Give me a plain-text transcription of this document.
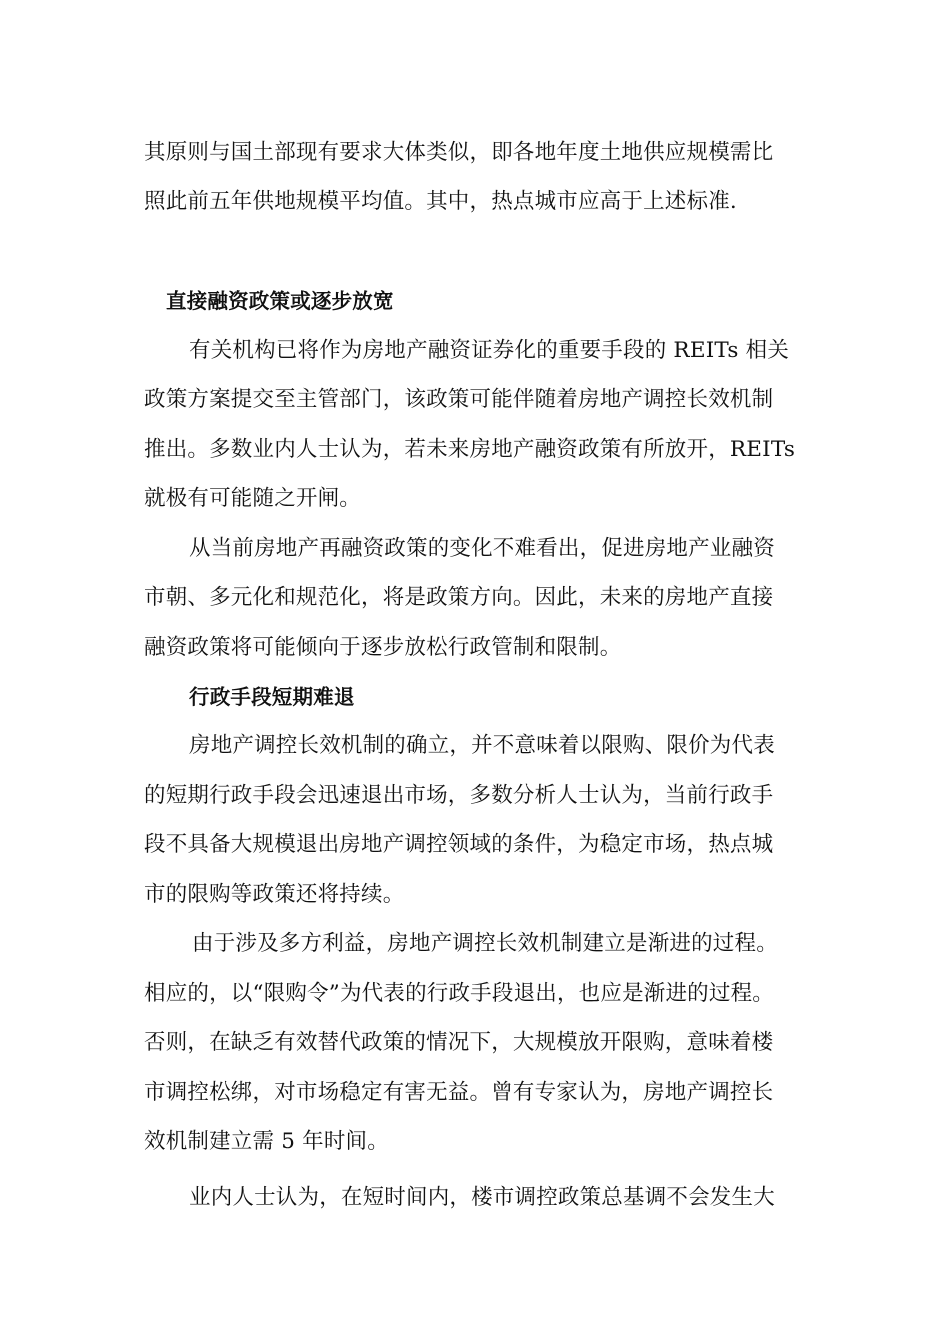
其原则与国土部现有要求大体类似，即各地年度土地供应规模需比
照此前五年供地规模平均值。其中，热点城市应高于上述标准.
直接融资政策或逐步放宽
有关机构已将作为房地产融资证券化的重要手段的 REITs 相关
政策方案提交至主管部门，该政策可能伴随着房地产调控长效机制
推出。多数业内人士认为，若未来房地产融资政策有所放开，REITs
就极有可能随之开闸。
从当前房地产再融资政策的变化不难看出，促进房地产业融资
市朝、多元化和规范化，将是政策方向。因此，未来的房地产直接
融资政策将可能倾向于逐步放松行政管制和限制。
行政手段短期难退
房地产调控长效机制的确立，并不意味着以限购、限价为代表
的短期行政手段会迅速退出市场，多数分析人士认为，当前行政手
段不具备大规模退出房地产调控领域的条件，为稳定市场，热点城
市的限购等政策还将持续。
由于涉及多方利益，房地产调控长效机制建立是渐进的过程。
相应的，以“限购令”为代表的行政手段退出，也应是渐进的过程。
否则，在缺乏有效替代政策的情况下，大规模放开限购，意味着楼
市调控松绑，对市场稳定有害无益。曾有专家认为，房地产调控长
效机制建立需 5 年时间。
业内人士认为，在短时间内，楼市调控政策总基调不会发生大
